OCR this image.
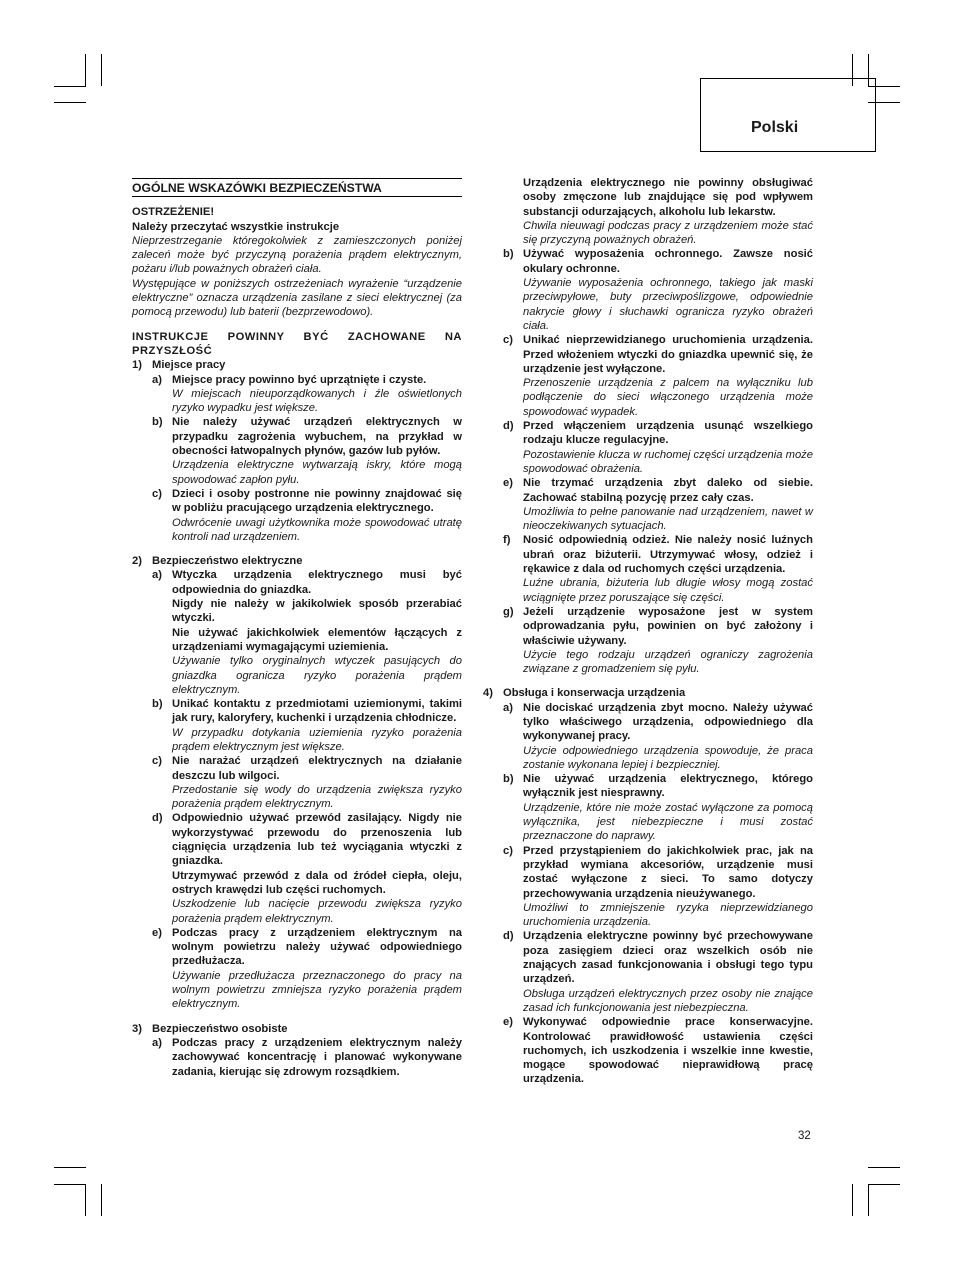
Polski
OGÓLNE WSKAZÓWKI BEZPIECZEŃSTWA

OSTRZEŻENIE!

Należy przeczytać wszystkie instrukcje

Nieprzestrzeganie któregokolwiek z zamieszczonych poniżej zaleceń może być przyczyną porażenia prądem elektrycznym, pożaru i/lub poważnych obrażeń ciała.

Występujące w poniższych ostrzeżeniach wyrażenie “urządzenie elektryczne” oznacza urządzenia zasilane z sieci elektrycznej (za pomocą przewodu) lub baterii (bezprzewodowo).

INSTRUKCJE POWINNY BYĆ ZACHOWANE NA PRZYSZŁOŚĆ

1) Miejsce pracy

a) Miejsce pracy powinno być uprzątnięte i czyste.

W miejscach nieuporządkowanych i źle oświetlonych ryzyko wypadku jest większe.

b) Nie należy używać urządzeń elektrycznych w przypadku zagrożenia wybuchem, na przykład w obecności łatwopalnych płynów, gazów lub pyłów.

Urządzenia elektryczne wytwarzają iskry, które mogą spowodować zapłon pyłu.

c) Dzieci i osoby postronne nie powinny znajdować się w pobliżu pracującego urządzenia elektrycznego.

Odwrócenie uwagi użytkownika może spowodować utratę kontroli nad urządzeniem.

2) Bezpieczeństwo elektryczne

a) Wtyczka urządzenia elektrycznego musi być odpowiednia do gniazdka.

Nigdy nie należy w jakikolwiek sposób przerabiać wtyczki.

Nie używać jakichkolwiek elementów łączących z urządzeniami wymagającymi uziemienia.

Używanie tylko oryginalnych wtyczek pasujących do gniazdka ogranicza ryzyko porażenia prądem elektrycznym.

b) Unikać kontaktu z przedmiotami uziemionymi, takimi jak rury, kaloryfery, kuchenki i urządzenia chłodnicze.

W przypadku dotykania uziemienia ryzyko porażenia prądem elektrycznym jest większe.

c) Nie narażać urządzeń elektrycznych na działanie deszczu lub wilgoci.

Przedostanie się wody do urządzenia zwiększa ryzyko porażenia prądem elektrycznym.

d) Odpowiednio używać przewód zasilający. Nigdy nie wykorzystywać przewodu do przenoszenia lub ciągnięcia urządzenia lub też wyciągania wtyczki z gniazdka.

Utrzymywać przewód z dala od źródeł ciepła, oleju, ostrych krawędzi lub części ruchomych.

Uszkodzenie lub nacięcie przewodu zwiększa ryzyko porażenia prądem elektrycznym.

e) Podczas pracy z urządzeniem elektrycznym na wolnym powietrzu należy używać odpowiedniego przedłużacza.

Używanie przedłużacza przeznaczonego do pracy na wolnym powietrzu zmniejsza ryzyko porażenia prądem elektrycznym.

3) Bezpieczeństwo osobiste

a) Podczas pracy z urządzeniem elektrycznym należy zachowywać koncentrację i planować wykonywane zadania, kierując się zdrowym rozsądkiem.

Urządzenia elektrycznego nie powinny obsługiwać osoby zmęczone lub znajdujące się pod wpływem substancji odurzających, alkoholu lub lekarstw.

Chwila nieuwagi podczas pracy z urządzeniem może stać się przyczyną poważnych obrażeń.

b) Używać wyposażenia ochronnego. Zawsze nosić okulary ochronne.

Używanie wyposażenia ochronnego, takiego jak maski przeciwpyłowe, buty przeciwpoślizgowe, odpowiednie nakrycie głowy i słuchawki ogranicza ryzyko obrażeń ciała.

c) Unikać nieprzewidzianego uruchomienia urządzenia. Przed włożeniem wtyczki do gniazdka upewnić się, że urządzenie jest wyłączone.

Przenoszenie urządzenia z palcem na wyłączniku lub podłączenie do sieci włączonego urządzenia może spowodować wypadek.

d) Przed włączeniem urządzenia usunąć wszelkiego rodzaju klucze regulacyjne.

Pozostawienie klucza w ruchomej części urządzenia może spowodować obrażenia.

e) Nie trzymać urządzenia zbyt daleko od siebie. Zachować stabilną pozycję przez cały czas.

Umożliwia to pełne panowanie nad urządzeniem, nawet w nieoczekiwanych sytuacjach.

f) Nosić odpowiednią odzież. Nie należy nosić luźnych ubrań oraz biżuterii. Utrzymywać włosy, odzież i rękawice z dala od ruchomych części urządzenia.

Luźne ubrania, biżuteria lub długie włosy mogą zostać wciągnięte przez poruszające się części.

g) Jeżeli urządzenie wyposażone jest w system odprowadzania pyłu, powinien on być założony i właściwie używany.

Użycie tego rodzaju urządzeń ograniczy zagrożenia związane z gromadzeniem się pyłu.

4) Obsługa i konserwacja urządzenia

a) Nie dociskać urządzenia zbyt mocno. Należy używać tylko właściwego urządzenia, odpowiedniego dla wykonywanej pracy.

Użycie odpowiedniego urządzenia spowoduje, że praca zostanie wykonana lepiej i bezpieczniej.

b) Nie używać urządzenia elektrycznego, którego wyłącznik jest niesprawny.

Urządzenie, które nie może zostać wyłączone za pomocą wyłącznika, jest niebezpieczne i musi zostać przeznaczone do naprawy.

c) Przed przystąpieniem do jakichkolwiek prac, jak na przykład wymiana akcesoriów, urządzenie musi zostać wyłączone z sieci. To samo dotyczy przechowywania urządzenia nieużywanego.

Umożliwi to zmniejszenie ryzyka nieprzewidzianego uruchomienia urządzenia.

d) Urządzenia elektryczne powinny być przechowywane poza zasięgiem dzieci oraz wszelkich osób nie znających zasad funkcjonowania i obsługi tego typu urządzeń.

Obsługa urządzeń elektrycznych przez osoby nie znające zasad ich funkcjonowania jest niebezpieczna.

e) Wykonywać odpowiednie prace konserwacyjne. Kontrolować prawidłowość ustawienia części ruchomych, ich uszkodzenia i wszelkie inne kwestie, mogące spowodować nieprawidłową pracę urządzenia.

32
